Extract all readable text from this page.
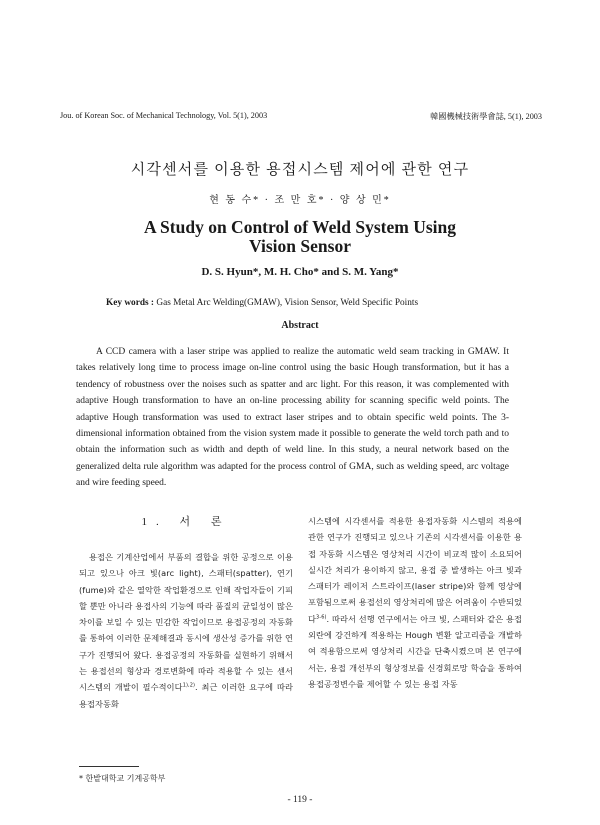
Jou. of Korean Soc. of Mechanical Technology, Vol. 5(1), 2003	韓國機械技術學會誌, 5(1), 2003
시각센서를 이용한 용접시스템 제어에 관한 연구
현 동 수* · 조 만 호* · 양 상 민*
A Study on Control of Weld System Using
Vision Sensor
D. S. Hyun*, M. H. Cho* and S. M. Yang*
Key words : Gas Metal Arc Welding(GMAW), Vision Sensor, Weld Specific Points
Abstract

A CCD camera with a laser stripe was applied to realize the automatic weld seam tracking in GMAW. It takes relatively long time to process image on-line control using the basic Hough transformation, but it has a tendency of robustness over the noises such as spatter and arc light. For this reason, it was complemented with adaptive Hough transformation to have an on-line processing ability for scanning specific weld points. The adaptive Hough transformation was used to extract laser stripes and to obtain specific weld points. The 3-dimensional information obtained from the vision system made it possible to generate the weld torch path and to obtain the information such as width and depth of weld line. In this study, a neural network based on the generalized delta rule algorithm was adapted for the process control of GMA, such as welding speed, arc voltage and wire feeding speed.

1. 서 론

용접은 기계산업에서 부품의 결합을 위한 공정으로 이용되고 있으나 아크 빛(arc light), 스패터(spatter), 연기(fume)와 같은 열악한 작업환경으로 인해 작업자들이 기피할 뿐만 아니라 용접사의 기능에 따라 품질의 균일성이 많은 차이를 보일 수 있는 민감한 작업이므로 용접공정의 자동화를 통하여 이러한 문제해결과 동시에 생산성 증가를 위한 연구가 진행되어 왔다. 용접공정의 자동화를 실현하기 위해서는 용접선의 형상과 경로변화에 따라 적용할 수 있는 센서 시스템의 개발이 필수적이다$^{1),2)}$. 최근 이러한 요구에 따라 용접자동화

시스템에 시각센서를 적용한 용접자동화 시스템의 적용에 관한 연구가 진행되고 있으나 기존의 시각센서를 이용한 용접 자동화 시스템은 영상처리 시간이 비교적 많이 소요되어 실시간 처리가 용이하지 않고, 용접 중 발생하는 아크 빛과 스패터가 레이저 스트라이프(laser stripe)와 함께 영상에 포함됨으로써 용접선의 영상처리에 많은 어려움이 수반되었다$^{3-6)}$. 따라서 선행 연구에서는 아크 빛, 스패터와 같은 용접 외란에 강건하게 적용하는 Hough 변환 알고리즘을 개발하여 적용함으로써 영상처리 시간을 단축시켰으며 본 연구에서는, 용접 개선부의 형상정보를 신경회로망 학습을 통하여 용접공정변수를 제어할 수 있는 용접 자동

* 한밭대학교 기계공학부
- 119 -
